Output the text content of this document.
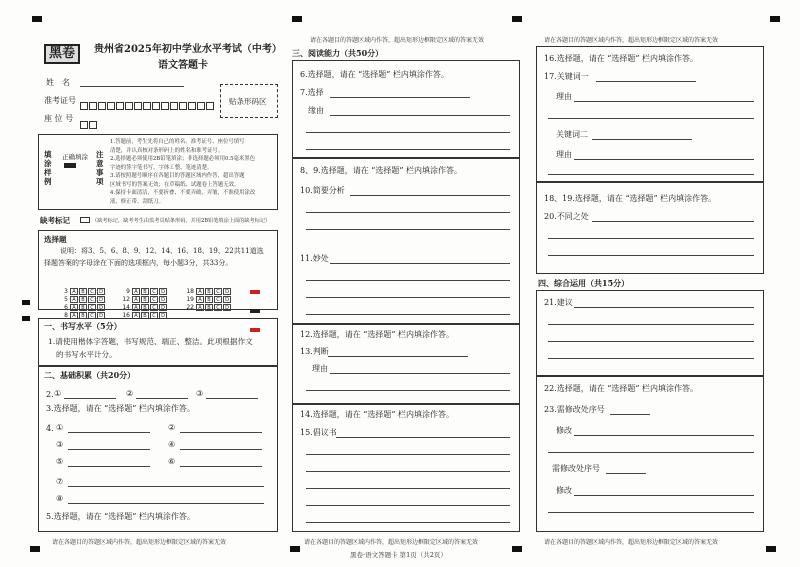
黑卷	贵州省2025年初中学业水平考试（中考）
语文答题卡
姓　名
准考证号
座 位 号
贴条形码区
填涂样例
正确填涂 注意事项
1.答题前，考生先将自己的姓名、准考证号、座位号填写
清楚，并认真核对条形码上的姓名和准考证号。
2.选择题必须使用2B铅笔填涂；非选择题必须用0.5毫米黑色
字迹的签字笔书写，字体工整、笔迹清楚。
3.请按照题号顺序在各题目的答题区域内作答，超出答题
区域书写的答案无效；在草稿纸、试题卷上答题无效。
4.保持卡面清洁，不要折叠、不要弄破、弄皱，不准使用涂改
液、修正带、刮纸刀。
缺考标记	（缺考标记，缺考考生由监考员贴条形码，并用2B铅笔填涂上面的缺考标记）
选择题
说明：将3、5、6、8、9、12、14、16、18、19、22共11道选
择题答案的字母涂在下面的选项框内，每小题3分，共33分。
3 A B C D
5 A B C D
6 A B C D
8 A B C D
9 A B C D
12 A B C D
14 A B C D
16 A B C D
18 A B C D
19 A B C D
22 A B C D

一、书写水平（5分）
1.请使用楷体字答题，书写规范、端正、整洁。此项根据作文
的书写水平计分。
二、基础积累（共20分）
2. ①	②	③
3.选择题，请在 “选择题” 栏内填涂作答。
4. ①	②
③	④
⑤	⑥
⑦
⑧
5.选择题，请在 “选择题” 栏内填涂作答。
请在各题目的答题区域内作答，超出矩形边框限定区域的答案无效
请在各题目的答题区域内作答，超出矩形边框限定区域的答案无效
三、阅读能力（共50分）
6.选择题，请在 “选择题” 栏内填涂作答。
7.选择
缘由
8、9.选择题，请在 “选择题” 栏内填涂作答。
10.简要分析
11.妙处
12.选择题，请在 “选择题” 栏内填涂作答。
13.判断
理由
14.选择题，请在 “选择题” 栏内填涂作答。
15.倡议书
请在各题目的答题区域内作答，超出矩形边框限定区域的答案无效
黑卷·语文答题卡 第1页（共2页）
请在各题目的答题区域内作答，超出矩形边框限定区域的答案无效
16.选择题，请在 “选择题” 栏内填涂作答。
17.关键词一
理由
关键词二
理由
18、19.选择题，请在 “选择题” 栏内填涂作答。
20.不同之处
四、综合运用（共15分）
21.建议
22.选择题，请在 “选择题” 栏内填涂作答。
23.需修改处序号
修改
需修改处序号
修改
请在各题目的答题区域内作答，超出矩形边框限定区域的答案无效
